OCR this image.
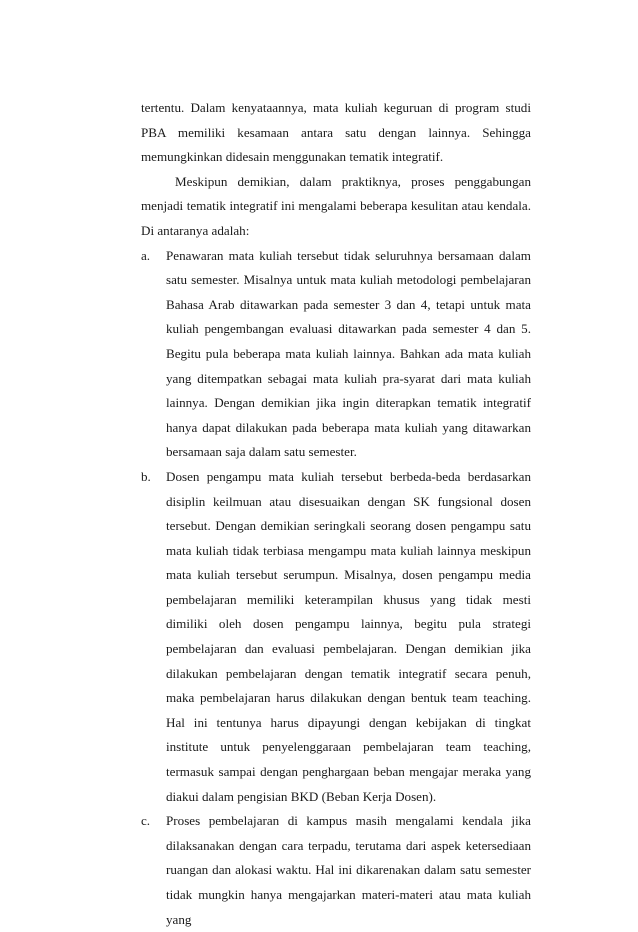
tertentu. Dalam kenyataannya, mata kuliah keguruan di program studi PBA memiliki kesamaan antara satu dengan lainnya. Sehingga memungkinkan didesain menggunakan tematik integratif.

Meskipun demikian, dalam praktiknya, proses penggabungan menjadi tematik integratif ini mengalami beberapa kesulitan atau kendala. Di antaranya adalah:

a. Penawaran mata kuliah tersebut tidak seluruhnya bersamaan dalam satu semester. Misalnya untuk mata kuliah metodologi pembelajaran Bahasa Arab ditawarkan pada semester 3 dan 4, tetapi untuk mata kuliah pengembangan evaluasi ditawarkan pada semester 4 dan 5. Begitu pula beberapa mata kuliah lainnya. Bahkan ada mata kuliah yang ditempatkan sebagai mata kuliah pra-syarat dari mata kuliah lainnya. Dengan demikian jika ingin diterapkan tematik integratif hanya dapat dilakukan pada beberapa mata kuliah yang ditawarkan bersamaan saja dalam satu semester.
b. Dosen pengampu mata kuliah tersebut berbeda-beda berdasarkan disiplin keilmuan atau disesuaikan dengan SK fungsional dosen tersebut. Dengan demikian seringkali seorang dosen pengampu satu mata kuliah tidak terbiasa mengampu mata kuliah lainnya meskipun mata kuliah tersebut serumpun. Misalnya, dosen pengampu media pembelajaran memiliki keterampilan khusus yang tidak mesti dimiliki oleh dosen pengampu lainnya, begitu pula strategi pembelajaran dan evaluasi pembelajaran. Dengan demikian jika dilakukan pembelajaran dengan tematik integratif secara penuh, maka pembelajaran harus dilakukan dengan bentuk team teaching. Hal ini tentunya harus dipayungi dengan kebijakan di tingkat institute untuk penyelenggaraan pembelajaran team teaching, termasuk sampai dengan penghargaan beban mengajar meraka yang diakui dalam pengisian BKD (Beban Kerja Dosen).
c. Proses pembelajaran di kampus masih mengalami kendala jika dilaksanakan dengan cara terpadu, terutama dari aspek ketersediaan ruangan dan alokasi waktu. Hal ini dikarenakan dalam satu semester tidak mungkin hanya mengajarkan materi-materi atau mata kuliah yang
